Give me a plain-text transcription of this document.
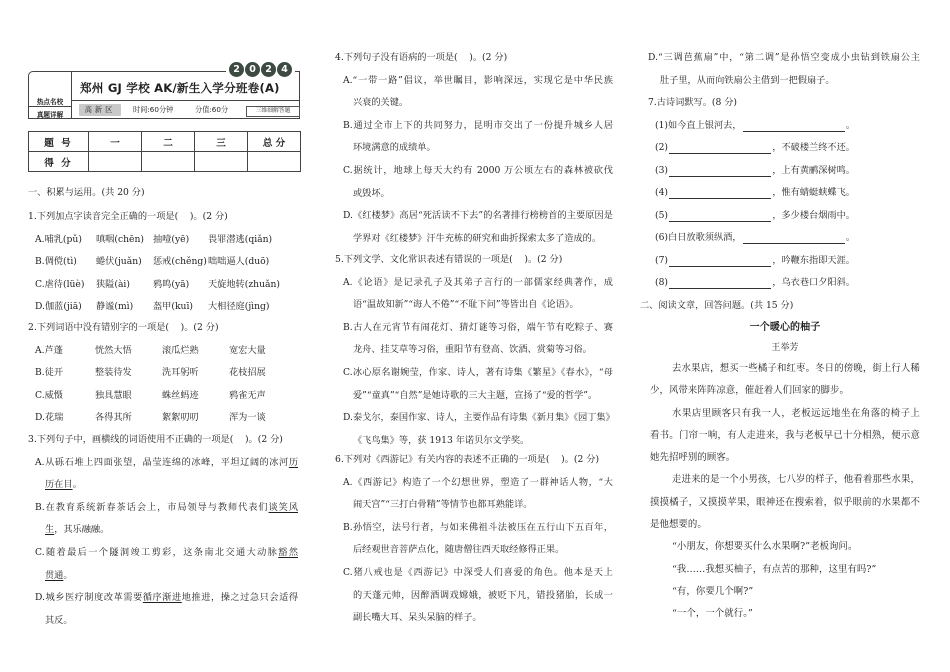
热点名校
真题详解
郑州 GJ 学校 AK/新生入学分班卷(A)
2 0 2 4
高新区	时间:60分钟	分值:60分	三维细解答题
题 号	一	二	三	总 分
得 分				
一、积累与运用。(共 20 分)
1.下列加点字读音完全正确的一项是(    )。(2 分)
A.哺乳(pǔ) 嗔咽(chēn) 抽噎(yē) 畏罪潜逃(qiǎn)
B.倜傥(tì) 蜷伏(juǎn) 惩戒(chěng)咄咄逼人(duō)
C.虐待(lüè) 狭隘(ài)	鸦鸣(yā) 天旋地转(zhuǎn)
D.伽蓝(jiā) 静谧(mì) 盔甲(kuī) 大相径庭(jìng)
2.下列词语中没有错别字的一项是(    )。(2 分)
A.芦蓬	恍然大悟	滚瓜烂熟	宽宏大量
B.徒开	整装待发	洗耳躬听	花枝招展
C.威慑	独具慧眼	蛛丝蚂迹	鸦雀无声
D.花瑞	各得其所	絮絮叨叨	浑为一谈
3.下列句子中，画横线的词语使用不正确的一项是(    )。(2 分)
A.从砾石堆上四面张望，晶莹连绵的冰峰，平坦辽阔的冰河历
历在目。
B.在教育系统新春茶话会上，市局领导与教师代表们谈笑风
生，其乐融融。
C.随着最后一个隧洞竣工剪彩，这条南北交通大动脉豁然
贯通。
D.城乡医疗制度改革需要循序渐进地推进，操之过急只会适得
其反。
4.下列句子没有语病的一项是(    )。(2 分)
A.“一带一路”倡议，举世瞩目，影响深远，实现它是中华民族
兴衰的关键。
B.通过全市上下的共同努力，昆明市交出了一份提升城乡人居
环境满意的成绩单。
C.据统计，地球上每天大约有 2000 万公顷左右的森林被砍伐
或毁坏。
D.《红楼梦》高居“死活读不下去”的名著排行榜榜首的主要原因是
学界对《红楼梦》汗牛充栋的研究和曲折探索太多了造成的。
5.下列文学、文化常识表述有错误的一项是(    )。(2 分)
A.《论语》是记录孔子及其弟子言行的一部儒家经典著作，成
语“温故知新”“诲人不倦”“不耻下问”等皆出自《论语》。
B.古人在元宵节有闹花灯、猜灯谜等习俗，端午节有吃粽子、赛
龙舟、挂艾草等习俗，重阳节有登高、饮酒、赏菊等习俗。
C.冰心原名谢婉莹，作家、诗人，著有诗集《繁星》《春水》，“母
爱”“童真”“自然”是她诗歌的三大主题，宣扬了“爱的哲学”。
D.泰戈尔，泰国作家、诗人，主要作品有诗集《新月集》《园丁集》
《飞鸟集》等，获 1913 年诺贝尔文学奖。
6.下列对《西游记》有关内容的表述不正确的一项是(    )。(2 分)
A.《西游记》构造了一个幻想世界，塑造了一群神话人物，“大
闹天宫”“三打白骨精”等情节也都耳熟能详。
B.孙悟空，法号行者，与如来佛祖斗法被压在五行山下五百年，
后经观世音菩萨点化，随唐僧往西天取经修得正果。
C.猪八戒也是《西游记》中深受人们喜爱的角色。他本是天上
的天蓬元帅，因醉酒调戏嫦娥，被贬下凡，错投猪胎，长成一
副长嘴大耳、呆头呆脑的样子。
D.“三调芭蕉扇”中，“第二调”是孙悟空变成小虫钻到铁扇公主
肚子里，从而向铁扇公主借到一把假扇子。
7.古诗词默写。(8 分)
(1)如今直上银河去，	。
(2)	，不破楼兰终不还。
(3)	，上有黄鹂深树鸣。
(4)	，惟有蜻蜓蛱蝶飞。
(5)	，多少楼台烟雨中。
(6)白日放歌须纵酒，	。
(7)	，吟鞭东指即天涯。
(8)	，乌衣巷口夕阳斜。
二、阅读文章，回答问题。(共 15 分)
一个暖心的柚子
王举芳
去水果店，想买一些橘子和红枣。冬日的傍晚，街上行人稀
少，风带来阵阵凉意，催赶着人们回家的脚步。
水果店里顾客只有我一人，老板远远地坐在角落的椅子上
看书。门帘一响，有人走进来，我与老板早已十分相熟，便示意
她先招呼别的顾客。
走进来的是一个小男孩，七八岁的样子，他看着那些水果，
摸摸橘子，又摸摸苹果，眼神还在搜索着，似乎眼前的水果都不
是他想要的。
“小朋友，你想要买什么水果啊?”老板询问。
“我……我想买柚子，有点苦的那种，这里有吗?”
“有，你要几个啊?”
“一个，一个就行。”
